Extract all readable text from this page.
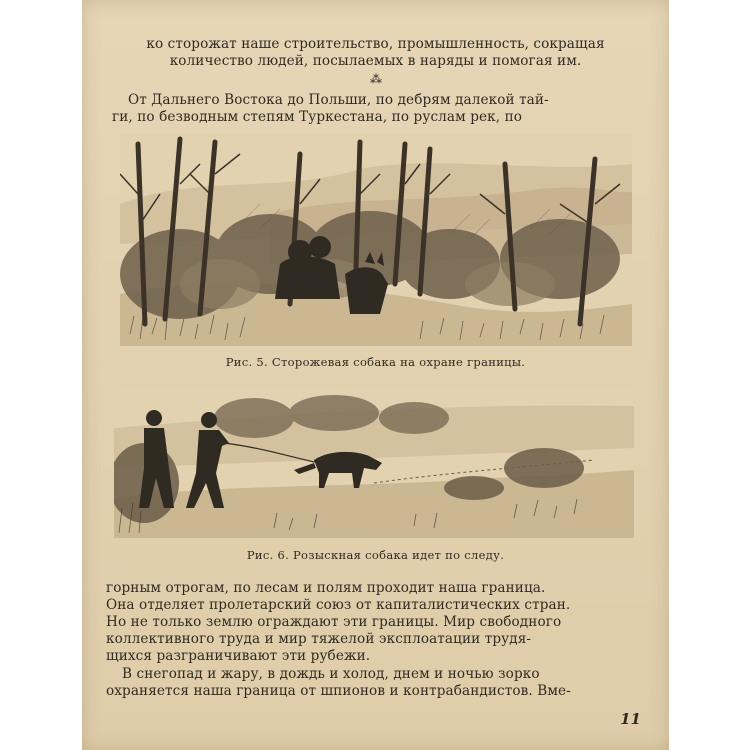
ко сторожат наше строительство, промышленность, сокращая
количество людей, посылаемых в наряды и помогая им.
⁂
От Дальнего Востока до Польши, по дебрям далекой тай-
ги, по безводным степям Туркестана, по руслам рек, по
Рис. 5. Сторожевая собака на охране границы.
Рис. 6. Розыскная собака идет по следу.
горным отрогам, по лесам и полям проходит наша граница.
Она отделяет пролетарский союз от капиталистических стран.
Но не только землю ограждают эти границы. Мир свободного
коллективного труда и мир тяжелой эксплоатации трудя-
щихся разграничивают эти рубежи.
В снегопад и жару, в дождь и холод, днем и ночью зорко
охраняется наша граница от шпионов и контрабандистов. Вме-
11
